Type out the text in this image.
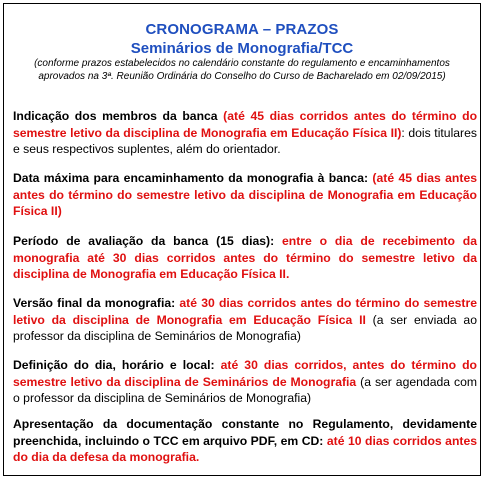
CRONOGRAMA – PRAZOS
Seminários de Monografia/TCC
(conforme prazos estabelecidos no calendário constante do regulamento e encaminhamentos aprovados na 3ª. Reunião Ordinária do Conselho do Curso de Bacharelado em 02/09/2015)
Indicação dos membros da banca (até 45 dias corridos antes do término do semestre letivo da disciplina de Monografia em Educação Física II): dois titulares e seus respectivos suplentes, além do orientador.
Data máxima para encaminhamento da monografia à banca: (até 45 dias antes antes do término do semestre letivo da disciplina de Monografia em Educação Física II)
Período de avaliação da banca (15 dias): entre o dia de recebimento da monografia até 30 dias corridos antes do término do semestre letivo da disciplina de Monografia em Educação Física II.
Versão final da monografia: até 30 dias corridos antes do término do semestre letivo da disciplina de Monografia em Educação Física II (a ser enviada ao professor da disciplina de Seminários de Monografia)
Definição do dia, horário e local: até 30 dias corridos, antes do término do semestre letivo da disciplina de Seminários de Monografia (a ser agendada com o professor da disciplina de Seminários de Monografia)
Apresentação da documentação constante no Regulamento, devidamente preenchida, incluindo o TCC em arquivo PDF, em CD: até 10 dias corridos antes do dia da defesa da monografia.
